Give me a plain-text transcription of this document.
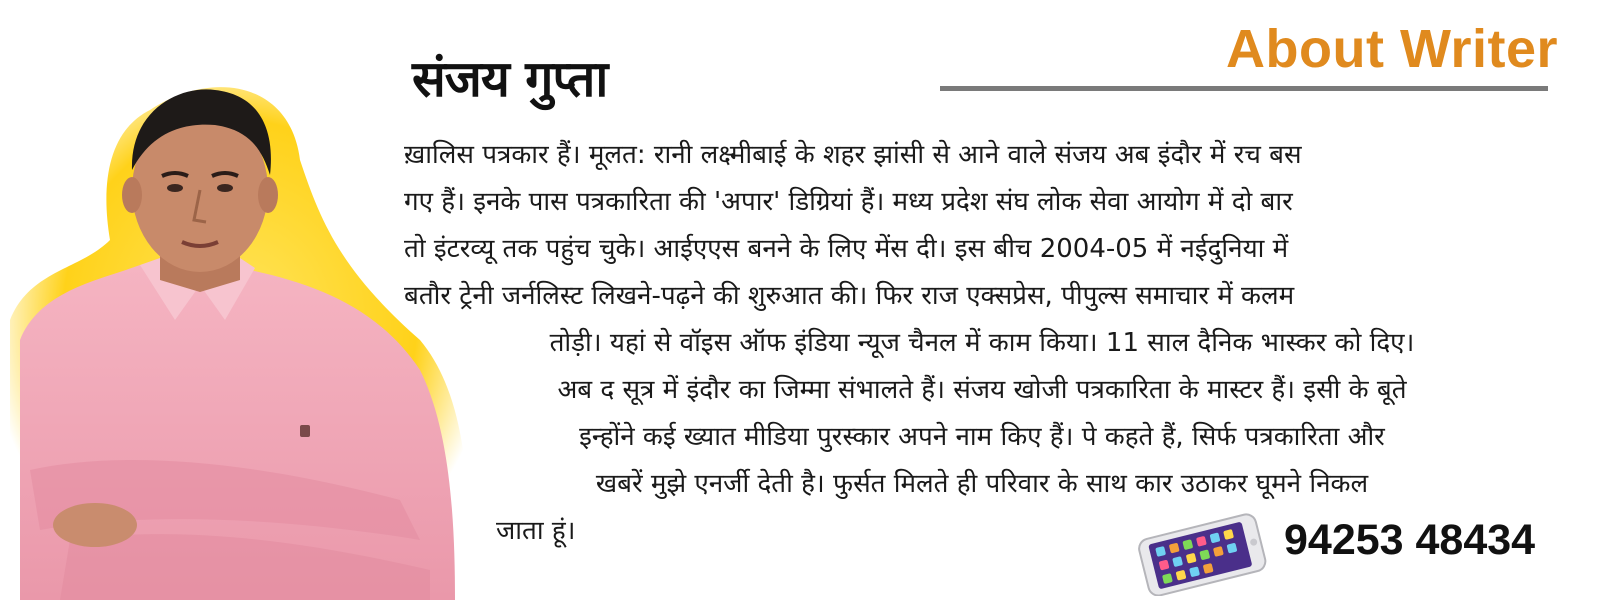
About Writer
संजय गुप्ता
ख़ालिस पत्रकार हैं। मूलत: रानी लक्ष्मीबाई के शहर झांसी से आने वाले संजय अब इंदौर में रच बस
गए हैं। इनके पास पत्रकारिता की 'अपार' डिग्रियां हैं। मध्य प्रदेश संघ लोक सेवा आयोग में दो बार
तो इंटरव्यू तक पहुंच चुके। आईएएस बनने के लिए मेंस दी। इस बीच 2004-05 में नईदुनिया में
बतौर ट्रेनी जर्नलिस्ट लिखने-पढ़ने की शुरुआत की। फिर राज एक्सप्रेस, पीपुल्स समाचार में कलम
तोड़ी। यहां से वॉइस ऑफ इंडिया न्यूज चैनल में काम किया। 11 साल दैनिक भास्कर को दिए।
अब द सूत्र में इंदौर का जिम्मा संभालते हैं। संजय खोजी पत्रकारिता के मास्टर हैं। इसी के बूते
इन्होंने कई ख्यात मीडिया पुरस्कार अपने नाम किए हैं। पे कहते हैं, सिर्फ पत्रकारिता और
खबरें मुझे एनर्जी देती है। फुर्सत मिलते ही परिवार के साथ कार उठाकर घूमने निकल
जाता हूं।	94253 48434
